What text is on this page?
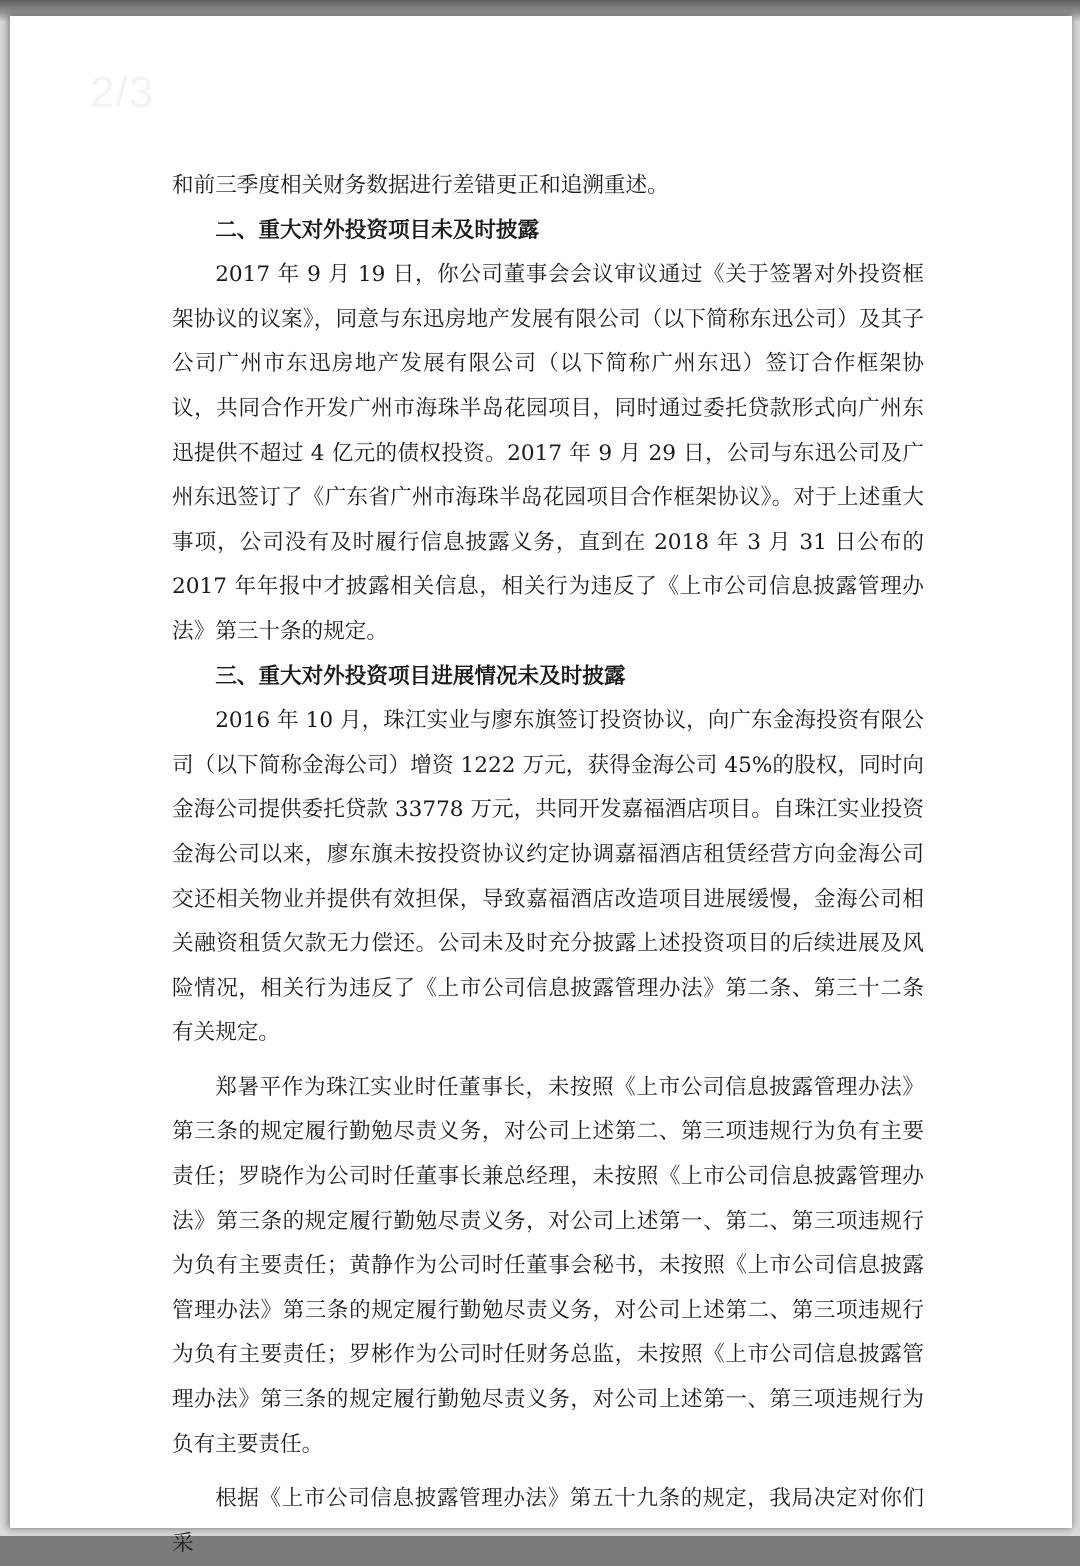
2/3

和前三季度相关财务数据进行差错更正和追溯重述。

二、重大对外投资项目未及时披露

2017 年 9 月 19 日，你公司董事会会议审议通过《关于签署对外投资框架协议的议案》，同意与东迅房地产发展有限公司（以下简称东迅公司）及其子公司广州市东迅房地产发展有限公司（以下简称广州东迅）签订合作框架协议，共同合作开发广州市海珠半岛花园项目，同时通过委托贷款形式向广州东迅提供不超过 4 亿元的债权投资。2017 年 9 月 29 日，公司与东迅公司及广州东迅签订了《广东省广州市海珠半岛花园项目合作框架协议》。对于上述重大事项，公司没有及时履行信息披露义务，直到在 2018 年 3 月 31 日公布的 2017 年年报中才披露相关信息，相关行为违反了《上市公司信息披露管理办法》第三十条的规定。

三、重大对外投资项目进展情况未及时披露

2016 年 10 月，珠江实业与廖东旗签订投资协议，向广东金海投资有限公司（以下简称金海公司）增资 1222 万元，获得金海公司 45%的股权，同时向金海公司提供委托贷款 33778 万元，共同开发嘉福酒店项目。自珠江实业投资金海公司以来，廖东旗未按投资协议约定协调嘉福酒店租赁经营方向金海公司交还相关物业并提供有效担保，导致嘉福酒店改造项目进展缓慢，金海公司相关融资租赁欠款无力偿还。公司未及时充分披露上述投资项目的后续进展及风险情况，相关行为违反了《上市公司信息披露管理办法》第二条、第三十二条有关规定。

郑暑平作为珠江实业时任董事长，未按照《上市公司信息披露管理办法》第三条的规定履行勤勉尽责义务，对公司上述第二、第三项违规行为负有主要责任；罗晓作为公司时任董事长兼总经理，未按照《上市公司信息披露管理办法》第三条的规定履行勤勉尽责义务，对公司上述第一、第二、第三项违规行为负有主要责任；黄静作为公司时任董事会秘书，未按照《上市公司信息披露管理办法》第三条的规定履行勤勉尽责义务，对公司上述第二、第三项违规行为负有主要责任；罗彬作为公司时任财务总监，未按照《上市公司信息披露管理办法》第三条的规定履行勤勉尽责义务，对公司上述第一、第三项违规行为负有主要责任。

根据《上市公司信息披露管理办法》第五十九条的规定，我局决定对你们采
